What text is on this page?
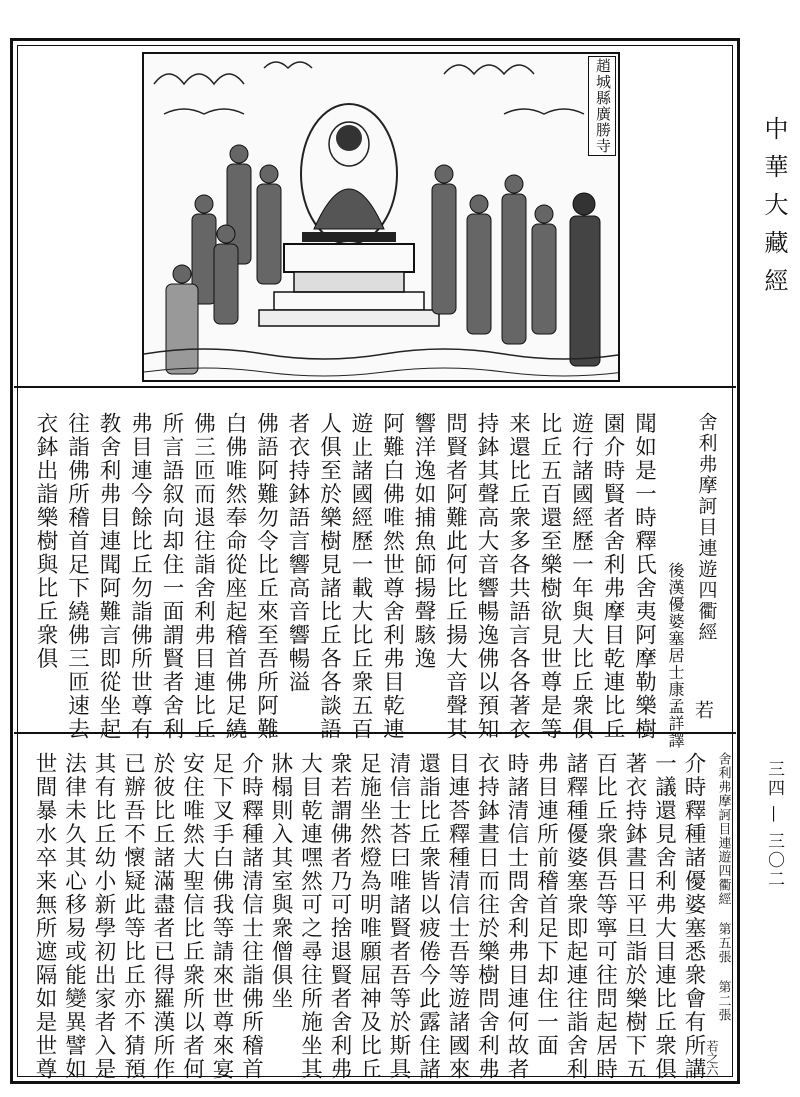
趙城縣廣勝寺
舍利弗摩訶目連遊四衢經
後漢優婆塞居士康孟詳譯
聞如是一時釋氏舍夷阿摩勒樂樹
園介時賢者舍利弗摩目乾連比丘
遊行諸國經歷一年與大比丘衆俱
比丘五百還至樂樹欲見世尊是等
来還比丘衆多各共語言各各著衣
持鉢其聲高大音響暢逸佛以預知
問賢者阿難此何比丘揚大音聲其
響洋逸如捕魚師揚聲駭逸
阿難白佛唯然世尊舍利弗目乾連
遊止諸國經歷一載大比丘衆五百
人俱至於樂樹見諸比丘各各談語
者衣持鉢語言響高音響暢溢
佛語阿難勿令比丘來至吾所阿難
白佛唯然奉命從座起稽首佛足繞
佛三匝而退往詣舍利弗目連比丘
所言語叙向却住一面謂賢者舍利
弗目連今餘比丘勿詣佛所世尊有
教舍利弗目連聞阿難言即從坐起
往詣佛所稽首足下繞佛三匝速去
衣鉢出詣樂樹與比丘衆俱
舍利弗摩訶目連遊四衢經 第五張 第二張
介時釋種諸優婆塞悉衆會有所講
一議還見舍利弗大目連比丘衆俱
著衣持鉢晝日平旦詣於樂樹下五
百比丘衆俱吾等寧可往問起居時
諸釋種優婆塞衆即起連往詣舍利
弗目連所前稽首足下却住一面
時諸清信士問舍利弗目連何故者
衣持鉢晝日而往於樂樹問舍利弗
目連荅釋種清信士吾等遊諸國來
還詣比丘衆皆以疲倦今此露住諸
清信士荅曰唯諸賢者吾等於斯具
足施坐然燈為明唯願屈神及比丘
衆若謂佛者乃可捨退賢者舍利弗
大目乾連嘿然可之尋往所施坐其
牀榻則入其室與衆僧俱坐
介時釋種諸清信士往詣佛所稽首
足下叉手白佛我等請來世尊來宴
安住唯然大聖信比丘衆所以者何
於彼比丘諸滿盡者已得羅漢所作
已辦吾不懷疑此等比丘亦不猜預
其有比丘幼小新學初出家者入是
法律未久其心移易或能變異譬如
世間暴水卒来無所遮隔如是世尊
中華大藏經
三四 — 三〇二
若
若之六
